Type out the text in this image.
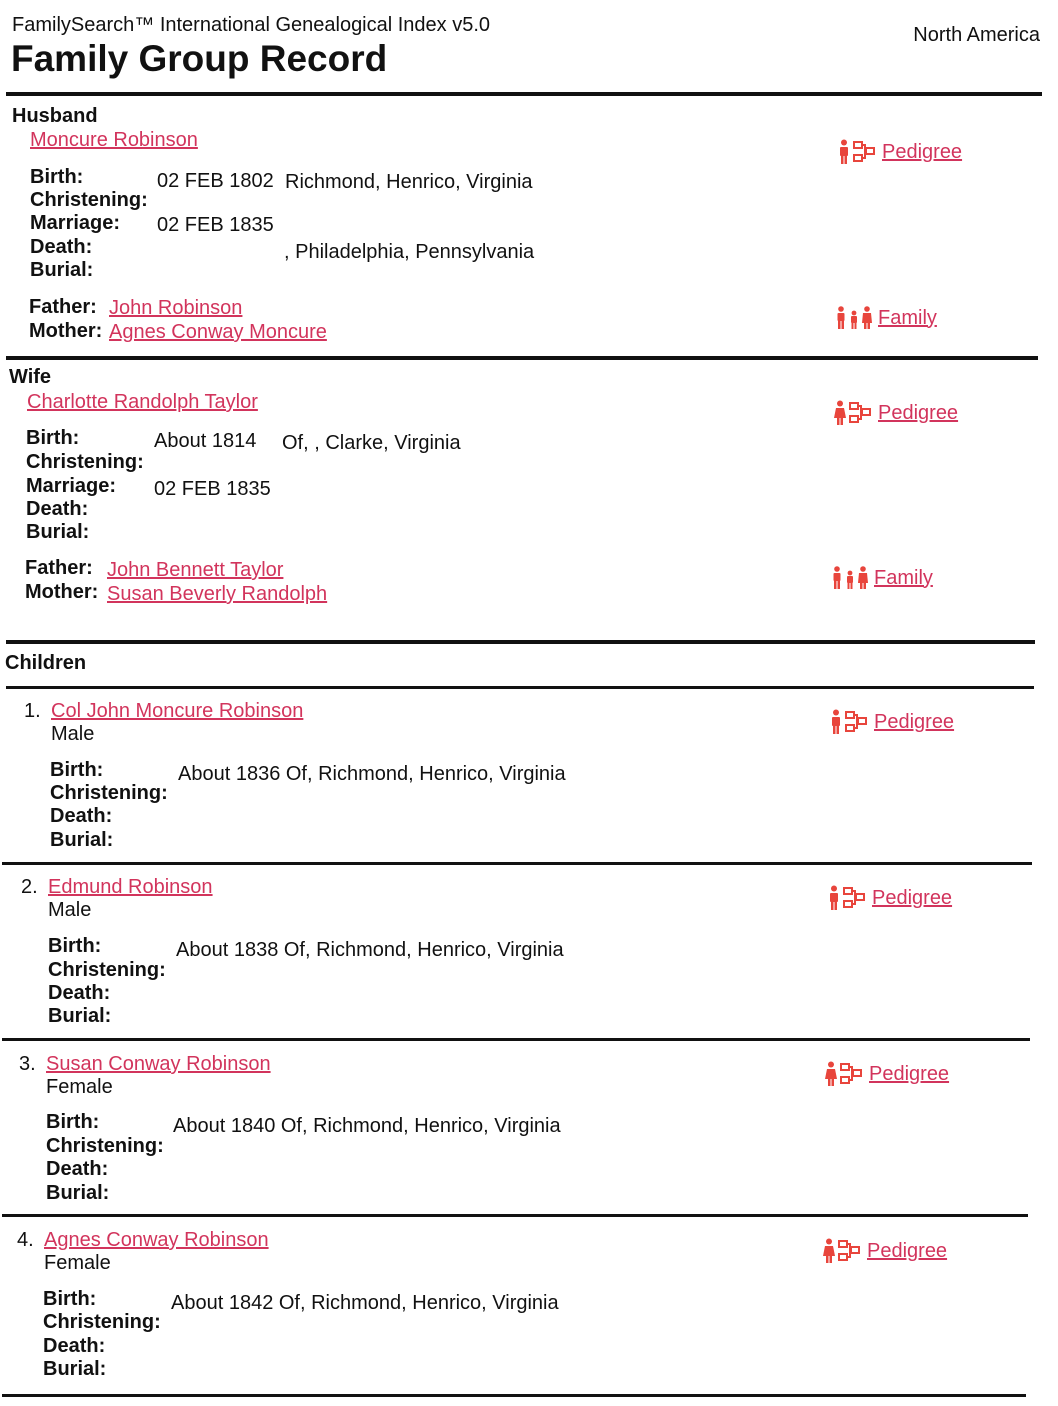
FamilySearch™ International Genealogical Index v5.0
Family Group Record
North America
Husband
Moncure Robinson
Pedigree
Birth:	02 FEB 1802 Richmond, Henrico, Virginia
Christening:
Marriage: 02 FEB 1835
Death:	, Philadelphia, Pennsylvania
Burial:
Father: John Robinson
Mother: Agnes Conway Moncure
Family
Wife
Charlotte Randolph Taylor	Pedigree
Birth:	About 1814 Of, , Clarke, Virginia
Christening:
Marriage: 02 FEB 1835
Death:
Burial:
Father: John Bennett Taylor
Mother: Susan Beverly Randolph
Family
Children
1. Col John Moncure Robinson
Male
Pedigree
Birth:	About 1836 Of, Richmond, Henrico, Virginia
Christening:
Death:
Burial:
2. Edmund Robinson
Male
Pedigree
Birth:	About 1838 Of, Richmond, Henrico, Virginia
Christening:
Death:
Burial:
3. Susan Conway Robinson
Female
Pedigree
Birth:	About 1840 Of, Richmond, Henrico, Virginia
Christening:
Death:
Burial:
4. Agnes Conway Robinson
Female
Pedigree
Birth:	About 1842 Of, Richmond, Henrico, Virginia
Christening:
Death:
Burial:
